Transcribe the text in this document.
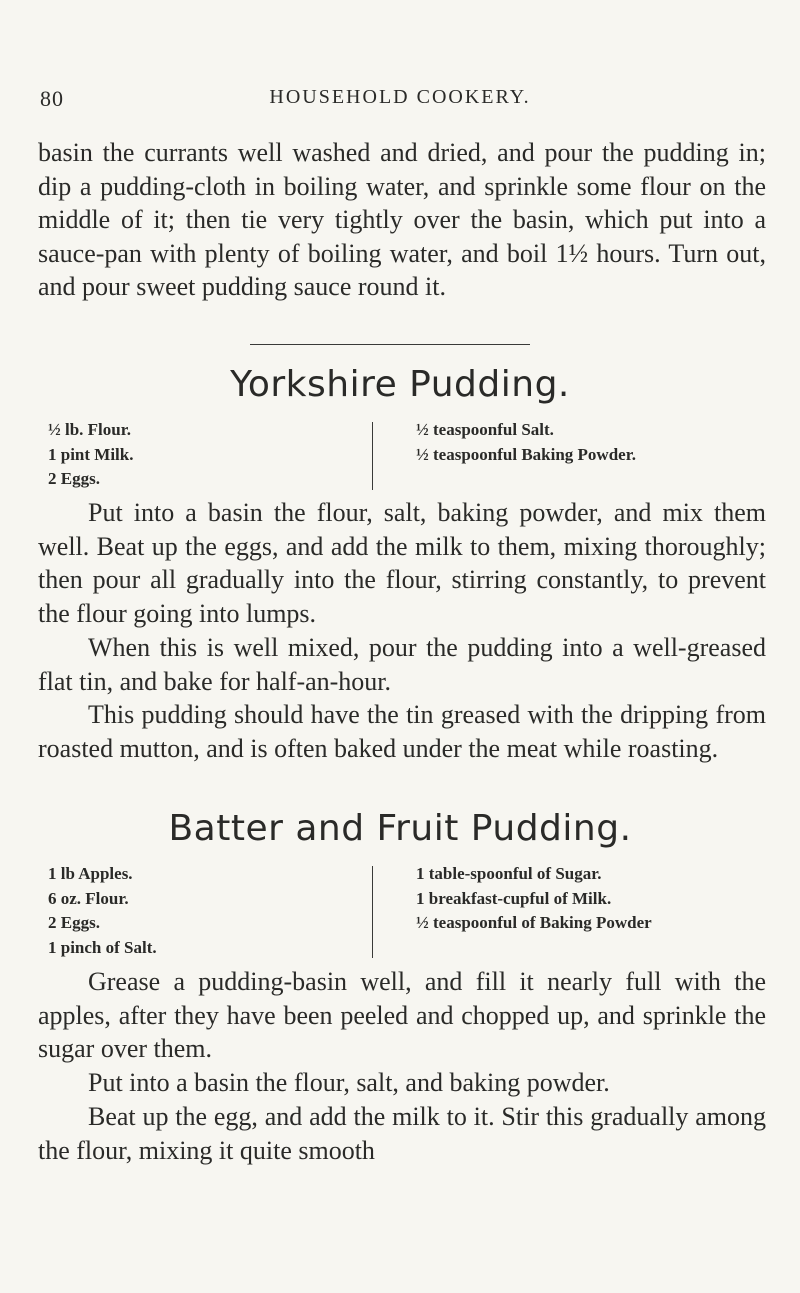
80	HOUSEHOLD COOKERY.

basin the currants well washed and dried, and pour the pudding in; dip a pudding-cloth in boiling water, and sprinkle some flour on the middle of it; then tie very tightly over the basin, which put into a sauce-pan with plenty of boiling water, and boil 1½ hours. Turn out, and pour sweet pudding sauce round it.

Yorkshire Pudding.
½ lb. Flour.
1 pint Milk.
2 Eggs.
½ teaspoonful Salt.
½ teaspoonful Baking Powder.

Put into a basin the flour, salt, baking powder, and mix them well. Beat up the eggs, and add the milk to them, mixing thoroughly; then pour all gradually into the flour, stirring constantly, to prevent the flour going into lumps.

When this is well mixed, pour the pudding into a well-greased flat tin, and bake for half-an-hour.

This pudding should have the tin greased with the dripping from roasted mutton, and is often baked under the meat while roasting.

Batter and Fruit Pudding.
1 lb Apples.
6 oz. Flour.
2 Eggs.
1 pinch of Salt.
1 table-spoonful of Sugar.
1 breakfast-cupful of Milk.
½ teaspoonful of Baking Powder

Grease a pudding-basin well, and fill it nearly full with the apples, after they have been peeled and chopped up, and sprinkle the sugar over them.

Put into a basin the flour, salt, and baking powder.

Beat up the egg, and add the milk to it. Stir this gradually among the flour, mixing it quite smooth
